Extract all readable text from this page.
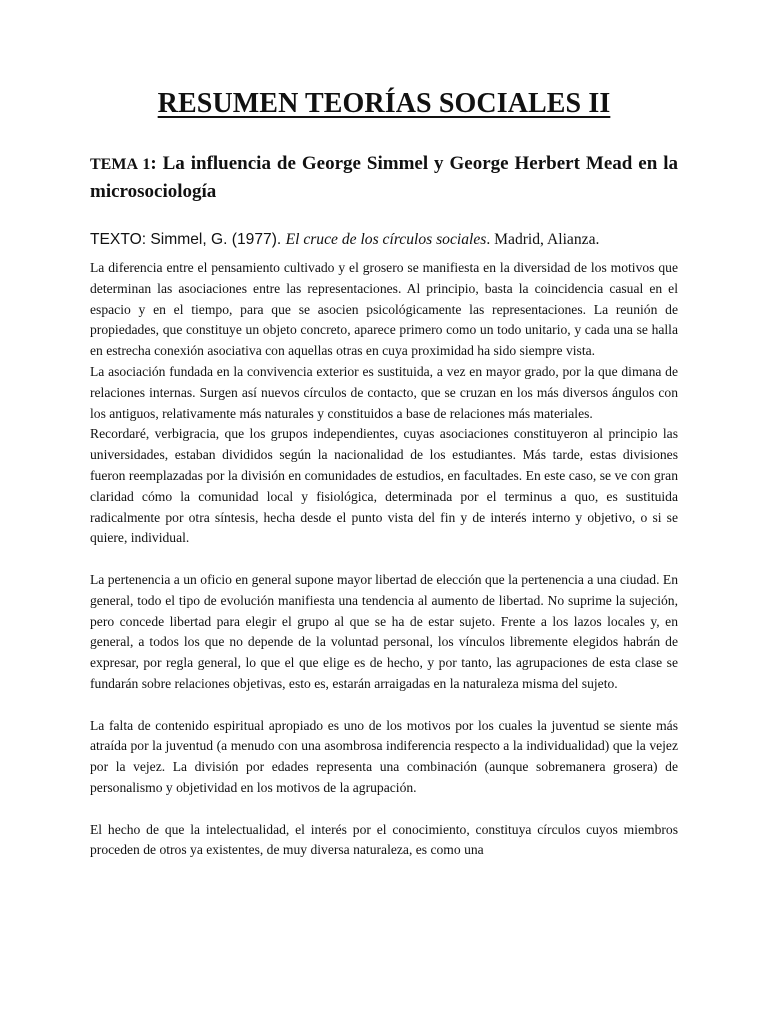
RESUMEN TEORÍAS SOCIALES II
TEMA 1: La influencia de George Simmel y George Herbert Mead en la microsociología
TEXTO: Simmel, G. (1977). El cruce de los círculos sociales. Madrid, Alianza.

La diferencia entre el pensamiento cultivado y el grosero se manifiesta en la diversidad de los motivos que determinan las asociaciones entre las representaciones. Al principio, basta la coincidencia casual en el espacio y en el tiempo, para que se asocien psicológicamente las representaciones. La reunión de propiedades, que constituye un objeto concreto, aparece primero como un todo unitario, y cada una se halla en estrecha conexión asociativa con aquellas otras en cuya proximidad ha sido siempre vista.

La asociación fundada en la convivencia exterior es sustituida, a vez en mayor grado, por la que dimana de relaciones internas. Surgen así nuevos círculos de contacto, que se cruzan en los más diversos ángulos con los antiguos, relativamente más naturales y constituidos a base de relaciones más materiales.

Recordaré, verbigracia, que los grupos independientes, cuyas asociaciones constituyeron al principio las universidades, estaban divididos según la nacionalidad de los estudiantes. Más tarde, estas divisiones fueron reemplazadas por la división en comunidades de estudios, en facultades. En este caso, se ve con gran claridad cómo la comunidad local y fisiológica, determinada por el terminus a quo, es sustituida radicalmente por otra síntesis, hecha desde el punto vista del fin y de interés interno y objetivo, o si se quiere, individual.

La pertenencia a un oficio en general supone mayor libertad de elección que la pertenencia a una ciudad. En general, todo el tipo de evolución manifiesta una tendencia al aumento de libertad. No suprime la sujeción, pero concede libertad para elegir el grupo al que se ha de estar sujeto. Frente a los lazos locales y, en general, a todos los que no depende de la voluntad personal, los vínculos libremente elegidos habrán de expresar, por regla general, lo que el que elige es de hecho, y por tanto, las agrupaciones de esta clase se fundarán sobre relaciones objetivas, esto es, estarán arraigadas en la naturaleza misma del sujeto.

La falta de contenido espiritual apropiado es uno de los motivos por los cuales la juventud se siente más atraída por la juventud (a menudo con una asombrosa indiferencia respecto a la individualidad) que la vejez por la vejez. La división por edades representa una combinación (aunque sobremanera grosera) de personalismo y objetividad en los motivos de la agrupación.

El hecho de que la intelectualidad, el interés por el conocimiento, constituya círculos cuyos miembros proceden de otros ya existentes, de muy diversa naturaleza, es como una
